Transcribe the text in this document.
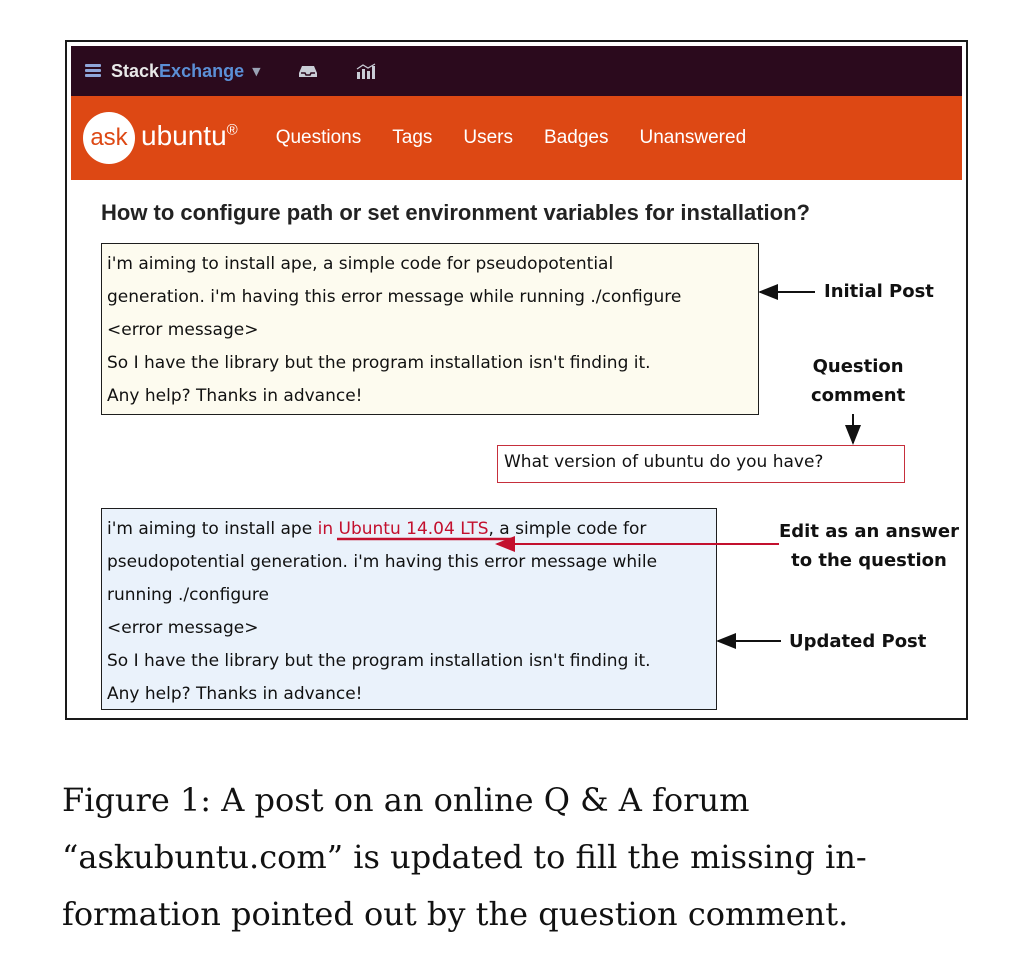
StackExchange ▼
ask ubuntu® Questions Tags Users Badges Unanswered
How to configure path or set environment variables for installation?

i'm aiming to install ape, a simple code for pseudopotential

generation. i'm having this error message while running ./configure

<error message>

So I have the library but the program installation isn't finding it.

Any help? Thanks in advance!

What version of ubuntu do you have?

i'm aiming to install ape in Ubuntu 14.04 LTS, a simple code for

pseudopotential generation. i'm having this error message while

running ./configure

<error message>

So I have the library but the program installation isn't finding it.

Any help? Thanks in advance!

Initial Post
Question
comment
Edit as an answer
to the question
Updated Post
Figure 1: A post on an online Q & A forum
“askubuntu.com” is updated to fill the missing in-
formation pointed out by the question comment.
